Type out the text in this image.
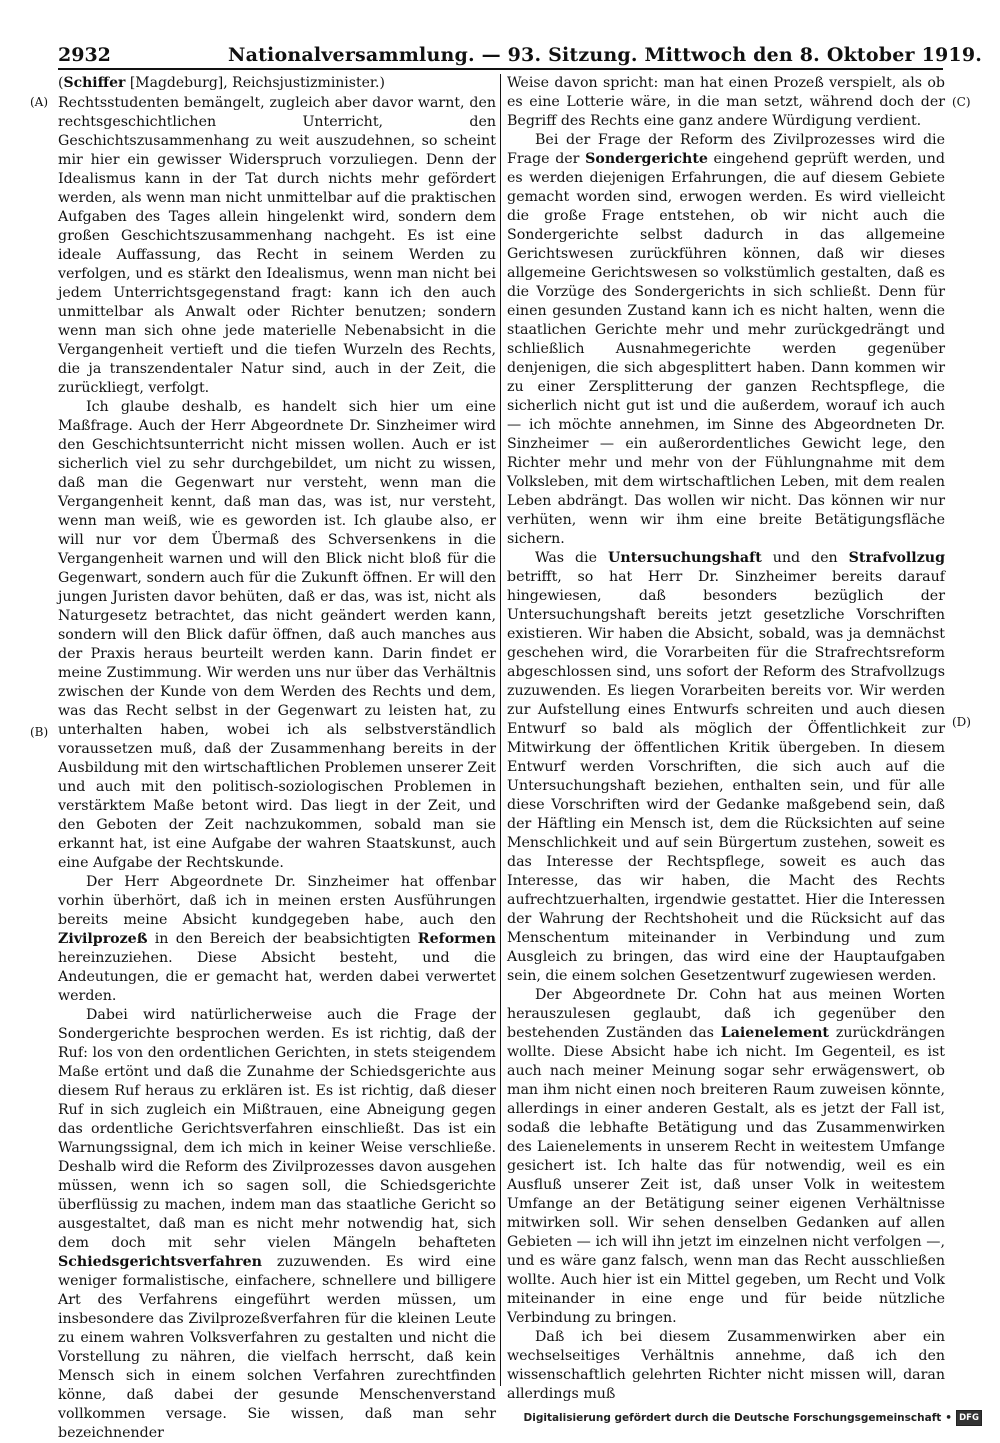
2932	Nationalversammlung. — 93. Sitzung. Mittwoch den 8. Oktober 1919.
(A)
(B)
(C)
(D)
(Schiffer [Magdeburg], Reichsjustizminister.)

Rechtsstudenten bemängelt, zugleich aber davor warnt, den rechtsgeschichtlichen Unterricht, den Geschichtszusammenhang zu weit auszudehnen, so scheint mir hier ein gewisser Widerspruch vorzuliegen. Denn der Idealismus kann in der Tat durch nichts mehr gefördert werden, als wenn man nicht unmittelbar auf die praktischen Aufgaben des Tages allein hingelenkt wird, sondern dem großen Geschichtszusammenhang nachgeht. Es ist eine ideale Auffassung, das Recht in seinem Werden zu verfolgen, und es stärkt den Idealismus, wenn man nicht bei jedem Unterrichtsgegenstand fragt: kann ich den auch unmittelbar als Anwalt oder Richter benutzen; sondern wenn man sich ohne jede materielle Nebenabsicht in die Vergangenheit vertieft und die tiefen Wurzeln des Rechts, die ja transzendentaler Natur sind, auch in der Zeit, die zurückliegt, verfolgt.

Ich glaube deshalb, es handelt sich hier um eine Maßfrage. Auch der Herr Abgeordnete Dr. Sinzheimer wird den Geschichtsunterricht nicht missen wollen. Auch er ist sicherlich viel zu sehr durchgebildet, um nicht zu wissen, daß man die Gegenwart nur versteht, wenn man die Vergangenheit kennt, daß man das, was ist, nur versteht, wenn man weiß, wie es geworden ist. Ich glaube also, er will nur vor dem Übermaß des Schversenkens in die Vergangenheit warnen und will den Blick nicht bloß für die Gegenwart, sondern auch für die Zukunft öffnen. Er will den jungen Juristen davor behüten, daß er das, was ist, nicht als Naturgesetz betrachtet, das nicht geändert werden kann, sondern will den Blick dafür öffnen, daß auch manches aus der Praxis heraus beurteilt werden kann. Darin findet er meine Zustimmung. Wir werden uns nur über das Verhältnis zwischen der Kunde von dem Werden des Rechts und dem, was das Recht selbst in der Gegenwart zu leisten hat, zu unterhalten haben, wobei ich als selbstverständlich voraussetzen muß, daß der Zusammenhang bereits in der Ausbildung mit den wirtschaftlichen Problemen unserer Zeit und auch mit den politisch-soziologischen Problemen in verstärktem Maße betont wird. Das liegt in der Zeit, und den Geboten der Zeit nachzukommen, sobald man sie erkannt hat, ist eine Aufgabe der wahren Staatskunst, auch eine Aufgabe der Rechtskunde.

Der Herr Abgeordnete Dr. Sinzheimer hat offenbar vorhin überhört, daß ich in meinen ersten Ausführungen bereits meine Absicht kundgegeben habe, auch den Zivilprozeß in den Bereich der beabsichtigten Reformen hereinzuziehen. Diese Absicht besteht, und die Andeutungen, die er gemacht hat, werden dabei verwertet werden.

Dabei wird natürlicherweise auch die Frage der Sondergerichte besprochen werden. Es ist richtig, daß der Ruf: los von den ordentlichen Gerichten, in stets steigendem Maße ertönt und daß die Zunahme der Schiedsgerichte aus diesem Ruf heraus zu erklären ist. Es ist richtig, daß dieser Ruf in sich zugleich ein Mißtrauen, eine Abneigung gegen das ordentliche Gerichtsverfahren einschließt. Das ist ein Warnungssignal, dem ich mich in keiner Weise verschließe. Deshalb wird die Reform des Zivilprozesses davon ausgehen müssen, wenn ich so sagen soll, die Schiedsgerichte überflüssig zu machen, indem man das staatliche Gericht so ausgestaltet, daß man es nicht mehr notwendig hat, sich dem doch mit sehr vielen Mängeln behafteten Schiedsgerichtsverfahren zuzuwenden. Es wird eine weniger formalistische, einfachere, schnellere und billigere Art des Verfahrens eingeführt werden müssen, um insbesondere das Zivilprozeßverfahren für die kleinen Leute zu einem wahren Volksverfahren zu gestalten und nicht die Vorstellung zu nähren, die vielfach herrscht, daß kein Mensch sich in einem solchen Verfahren zurechtfinden könne, daß dabei der gesunde Menschenverstand vollkommen versage. Sie wissen, daß man sehr bezeichnender

Weise davon spricht: man hat einen Prozeß verspielt, als ob es eine Lotterie wäre, in die man setzt, während doch der Begriff des Rechts eine ganz andere Würdigung verdient.

Bei der Frage der Reform des Zivilprozesses wird die Frage der Sondergerichte eingehend geprüft werden, und es werden diejenigen Erfahrungen, die auf diesem Gebiete gemacht worden sind, erwogen werden. Es wird vielleicht die große Frage entstehen, ob wir nicht auch die Sondergerichte selbst dadurch in das allgemeine Gerichtswesen zurückführen können, daß wir dieses allgemeine Gerichtswesen so volkstümlich gestalten, daß es die Vorzüge des Sondergerichts in sich schließt. Denn für einen gesunden Zustand kann ich es nicht halten, wenn die staatlichen Gerichte mehr und mehr zurückgedrängt und schließlich Ausnahmegerichte werden gegenüber denjenigen, die sich abgesplittert haben. Dann kommen wir zu einer Zersplitterung der ganzen Rechtspflege, die sicherlich nicht gut ist und die außerdem, worauf ich auch — ich möchte annehmen, im Sinne des Abgeordneten Dr. Sinzheimer — ein außerordentliches Gewicht lege, den Richter mehr und mehr von der Fühlungnahme mit dem Volksleben, mit dem wirtschaftlichen Leben, mit dem realen Leben abdrängt. Das wollen wir nicht. Das können wir nur verhüten, wenn wir ihm eine breite Betätigungsfläche sichern.

Was die Untersuchungshaft und den Strafvollzug betrifft, so hat Herr Dr. Sinzheimer bereits darauf hingewiesen, daß besonders bezüglich der Untersuchungshaft bereits jetzt gesetzliche Vorschriften existieren. Wir haben die Absicht, sobald, was ja demnächst geschehen wird, die Vorarbeiten für die Strafrechtsreform abgeschlossen sind, uns sofort der Reform des Strafvollzugs zuzuwenden. Es liegen Vorarbeiten bereits vor. Wir werden zur Aufstellung eines Entwurfs schreiten und auch diesen Entwurf so bald als möglich der Öffentlichkeit zur Mitwirkung der öffentlichen Kritik übergeben. In diesem Entwurf werden Vorschriften, die sich auch auf die Untersuchungshaft beziehen, enthalten sein, und für alle diese Vorschriften wird der Gedanke maßgebend sein, daß der Häftling ein Mensch ist, dem die Rücksichten auf seine Menschlichkeit und auf sein Bürgertum zustehen, soweit es das Interesse der Rechtspflege, soweit es auch das Interesse, das wir haben, die Macht des Rechts aufrechtzuerhalten, irgendwie gestattet. Hier die Interessen der Wahrung der Rechtshoheit und die Rücksicht auf das Menschentum miteinander in Verbindung und zum Ausgleich zu bringen, das wird eine der Hauptaufgaben sein, die einem solchen Gesetzentwurf zugewiesen werden.

Der Abgeordnete Dr. Cohn hat aus meinen Worten herauszulesen geglaubt, daß ich gegenüber den bestehenden Zuständen das Laienelement zurückdrängen wollte. Diese Absicht habe ich nicht. Im Gegenteil, es ist auch nach meiner Meinung sogar sehr erwägenswert, ob man ihm nicht einen noch breiteren Raum zuweisen könnte, allerdings in einer anderen Gestalt, als es jetzt der Fall ist, sodaß die lebhafte Betätigung und das Zusammenwirken des Laienelements in unserem Recht in weitestem Umfange gesichert ist. Ich halte das für notwendig, weil es ein Ausfluß unserer Zeit ist, daß unser Volk in weitestem Umfange an der Betätigung seiner eigenen Verhältnisse mitwirken soll. Wir sehen denselben Gedanken auf allen Gebieten — ich will ihn jetzt im einzelnen nicht verfolgen —, und es wäre ganz falsch, wenn man das Recht ausschließen wollte. Auch hier ist ein Mittel gegeben, um Recht und Volk miteinander in eine enge und für beide nützliche Verbindung zu bringen.

Daß ich bei diesem Zusammenwirken aber ein wechselseitiges Verhältnis annehme, daß ich den wissenschaftlich gelehrten Richter nicht missen will, daran allerdings muß

Digitalisierung gefördert durch die Deutsche Forschungsgemeinschaft • DFG
